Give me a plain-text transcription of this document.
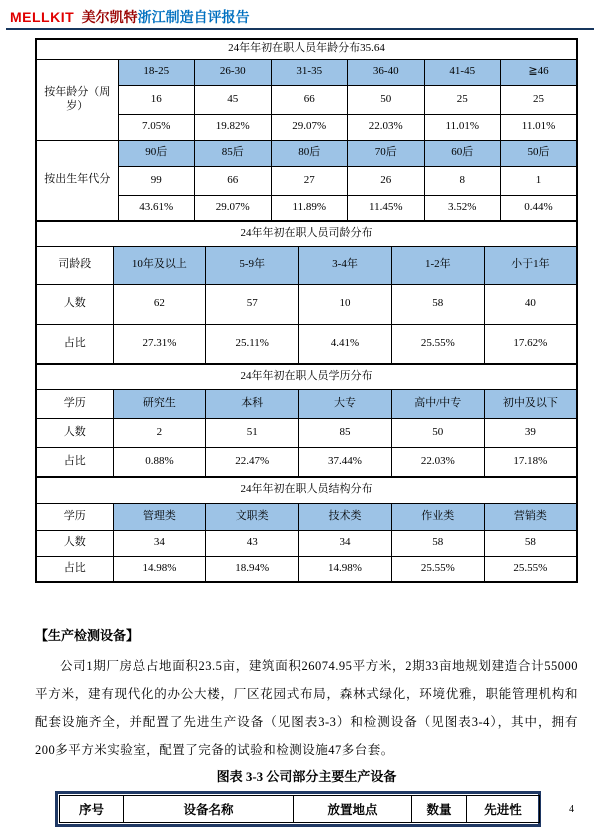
MELLKIT 美尔凯特浙江制造自评报告
24年年初在职人员年龄分布35.64						
按年龄分（周岁）	18-25	26-30	31-35	36-40	41-45	≧46
	16	45	66	50	25	25
	7.05%	19.82%	29.07%	22.03%	11.01%	11.01%
按出生年代分	90后	85后	80后	70后	60后	50后
	99	66	27	26	8	1
	43.61%	29.07%	11.89%	11.45%	3.52%	0.44%
24年年初在职人员司龄分布					
司龄段	10年及以上	5-9年	3-4年	1-2年	小于1年
人数	62	57	10	58	40
占比	27.31%	25.11%	4.41%	25.55%	17.62%
24年年初在职人员学历分布					
学历	研究生	本科	大专	高中/中专	初中及以下
人数	2	51	85	50	39
占比	0.88%	22.47%	37.44%	22.03%	17.18%
24年年初在职人员结构分布					
学历	管理类	文职类	技术类	作业类	营销类
人数	34	43	34	58	58
占比	14.98%	18.94%	14.98%	25.55%	25.55%
【生产检测设备】

公司1期厂房总占地面积23.5亩，建筑面积26074.95平方米，2期33亩地规划建造合计55000平方米，建有现代化的办公大楼，厂区花园式布局，森林式绿化，环境优雅，职能管理机构和配套设施齐全，并配置了先进生产设备（见图表3-3）和检测设备（见图表3-4），其中，拥有200多平方米实验室，配置了完备的试验和检测设施47多台套。

图表 3-3 公司部分主要生产设备
序号	设备名称	放置地点	数量	先进性	4
